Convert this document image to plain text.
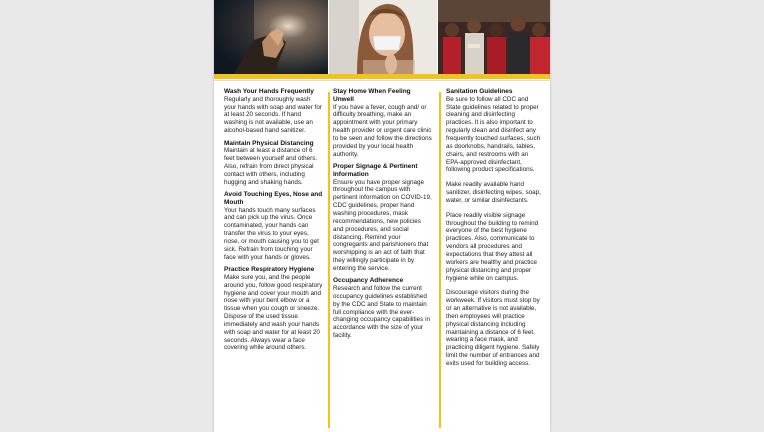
Wash Your Hands Frequently

Regularly and thoroughly wash your hands with soap and water for at least 20 seconds. If hand washing is not available, use an alcohol-based hand sanitizer.

Maintain Physical Distancing

Maintain at least a distance of 6 feet between yourself and others. Also, refrain from direct physical contact with others, including hugging and shaking hands.

Avoid Touching Eyes, Nose and Mouth

Your hands touch many surfaces and can pick up the virus. Once contaminated, your hands can transfer the virus to your eyes, nose, or mouth causing you to get sick. Refrain from touching your face with your hands or gloves.

Practice Respiratory Hygiene

Make sure you, and the people around you, follow good respiratory hygiene and cover your mouth and nose with your bent elbow or a tissue when you cough or sneeze. Dispose of the used tissue immediately and wash your hands with soap and water for at least 20 seconds. Always wear a face covering while around others.

Stay Home When Feeling Unwell

If you have a fever, cough and/ or difficulty breathing, make an appointment with your primary health provider or urgent care clinic to be seen and follow the directions provided by your local health authority.

Proper Signage & Pertinent Information

Ensure you have proper signage throughout the campus with pertinent information on COVID-19, CDC guidelines, proper hand washing procedures, mask recommendations, new policies and procedures, and social distancing. Remind your congregants and parishioners that worshipping is an act of faith that they willingly participate in by entering the service.

Occupancy Adherence

Research and follow the current occupancy guidelines established by the CDC and State to maintain full compliance with the ever-changing occupancy capabilities in accordance with the size of your facility.

Sanitation Guidelines

Be sure to follow all CDC and State guidelines related to proper cleaning and disinfecting practices. It is also important to regularly clean and disinfect any frequently touched surfaces, such as doorknobs, handrails, tables, chairs, and restrooms with an EPA-approved disinfectant, following product specifications.

Make readily available hand sanitizer, disinfecting wipes, soap, water, or similar disinfectants.

Place readily visible signage throughout the building to remind everyone of the best hygiene practices. Also, communicate to vendors all procedures and expectations that they attest all workers are healthy and practice physical distancing and proper hygiene while on campus.

Discourage visitors during the workweek. If visitors must stop by or an alternative is not available, then employees will practice physical distancing including maintaining a distance of 6 feet, wearing a face mask, and practicing diligent hygiene. Safely limit the number of entrances and exits used for building access.
